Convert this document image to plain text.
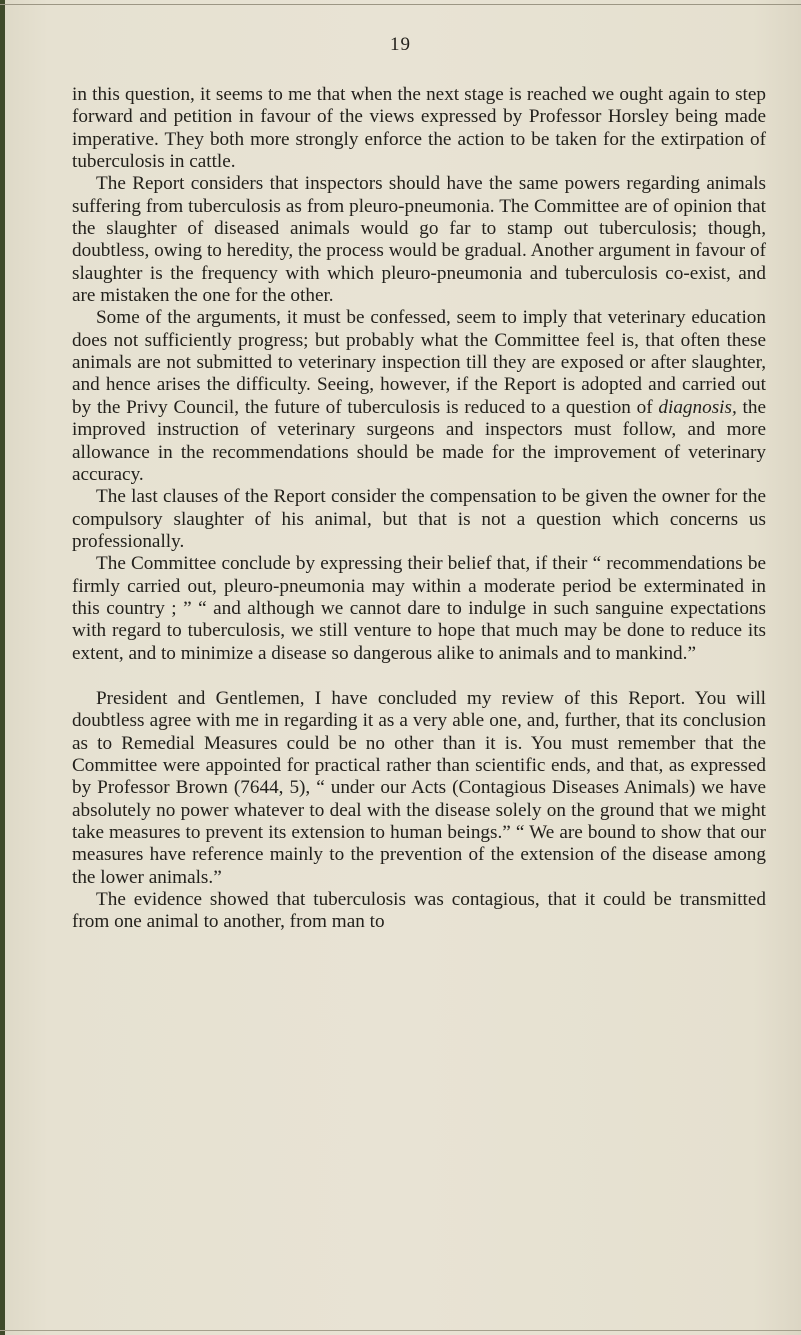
19

in this question, it seems to me that when the next stage is reached we ought again to step forward and petition in favour of the views expressed by Professor Horsley being made imperative. They both more strongly enforce the action to be taken for the extirpation of tuberculosis in cattle.

The Report considers that inspectors should have the same powers regarding animals suffering from tuberculosis as from pleuro-pneumonia. The Committee are of opinion that the slaughter of diseased animals would go far to stamp out tuberculosis; though, doubtless, owing to heredity, the process would be gradual. Another argument in favour of slaughter is the frequency with which pleuro-pneumonia and tuberculosis co-exist, and are mistaken the one for the other.

Some of the arguments, it must be confessed, seem to imply that veterinary education does not sufficiently progress; but probably what the Committee feel is, that often these animals are not submitted to veterinary inspection till they are exposed or after slaughter, and hence arises the difficulty. Seeing, however, if the Report is adopted and carried out by the Privy Council, the future of tuberculosis is reduced to a question of diagnosis, the improved instruction of veterinary surgeons and inspectors must follow, and more allowance in the recommendations should be made for the improvement of veterinary accuracy.

The last clauses of the Report consider the compensation to be given the owner for the compulsory slaughter of his animal, but that is not a question which concerns us professionally.

The Committee conclude by expressing their belief that, if their “ recommendations be firmly carried out, pleuro-pneumonia may within a moderate period be exterminated in this country ; ” “ and although we cannot dare to indulge in such sanguine expectations with regard to tuberculosis, we still venture to hope that much may be done to reduce its extent, and to minimize a disease so dangerous alike to animals and to mankind.”

President and Gentlemen, I have concluded my review of this Report. You will doubtless agree with me in regarding it as a very able one, and, further, that its conclusion as to Remedial Measures could be no other than it is. You must remember that the Committee were appointed for practical rather than scientific ends, and that, as expressed by Professor Brown (7644, 5), “ under our Acts (Contagious Diseases Animals) we have absolutely no power whatever to deal with the disease solely on the ground that we might take measures to prevent its extension to human beings.” “ We are bound to show that our measures have reference mainly to the prevention of the extension of the disease among the lower animals.”

The evidence showed that tuberculosis was contagious, that it could be transmitted from one animal to another, from man to
